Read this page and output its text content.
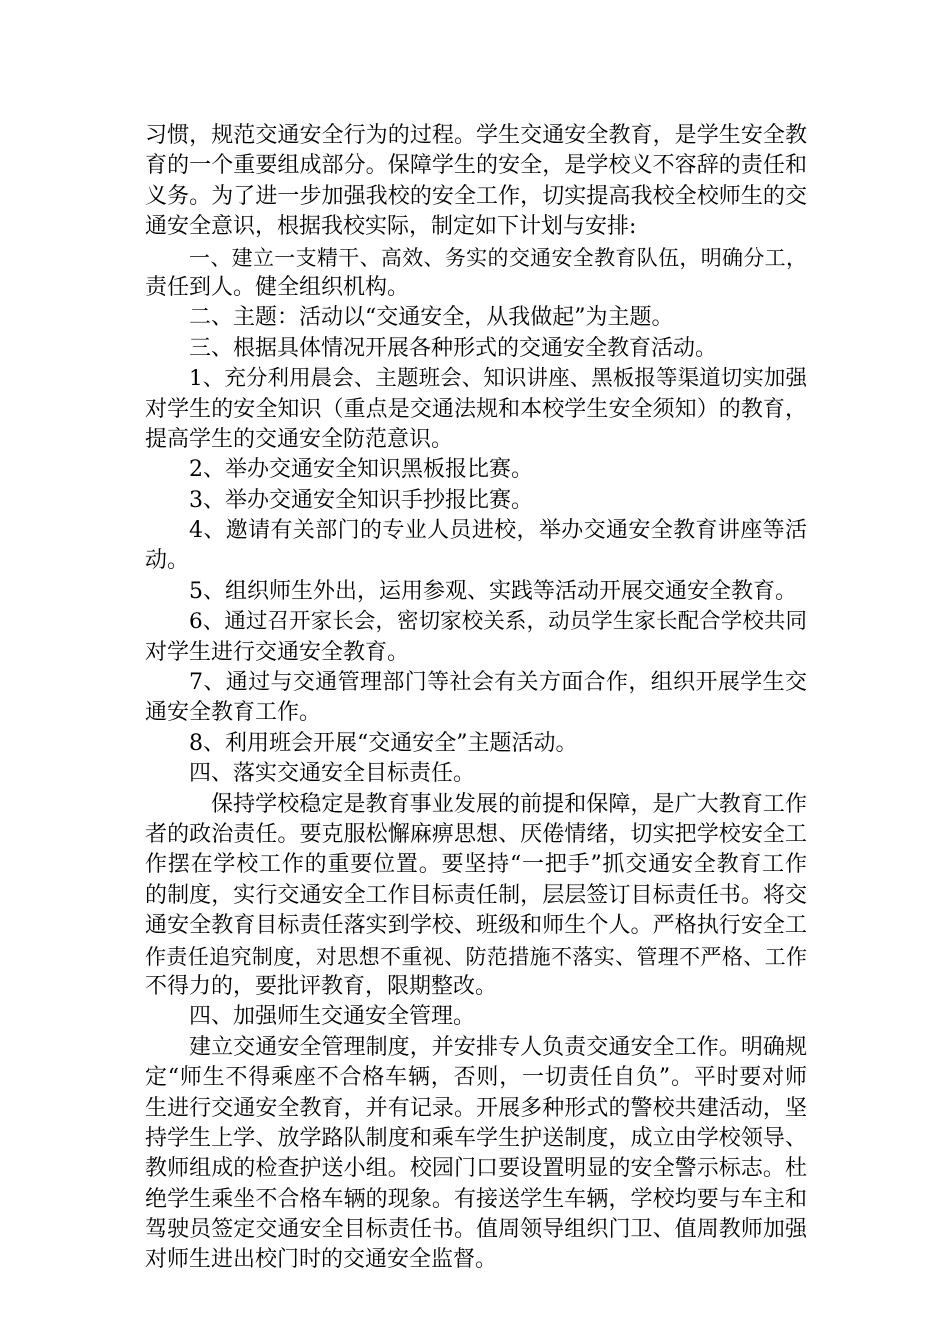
习惯，规范交通安全行为的过程。学生交通安全教育，是学生安全教
育的一个重要组成部分。保障学生的安全，是学校义不容辞的责任和
义务。为了进一步加强我校的安全工作，切实提高我校全校师生的交
通安全意识，根据我校实际，制定如下计划与安排:
一、建立一支精干、高效、务实的交通安全教育队伍，明确分工，
责任到人。健全组织机构。
二、主题：活动以“交通安全，从我做起”为主题。
三、根据具体情况开展各种形式的交通安全教育活动。
1、充分利用晨会、主题班会、知识讲座、黑板报等渠道切实加强
对学生的安全知识（重点是交通法规和本校学生安全须知）的教育，
提高学生的交通安全防范意识。
2、举办交通安全知识黑板报比赛。
3、举办交通安全知识手抄报比赛。
4、邀请有关部门的专业人员进校，举办交通安全教育讲座等活
动。
5、组织师生外出，运用参观、实践等活动开展交通安全教育。
6、通过召开家长会，密切家校关系，动员学生家长配合学校共同
对学生进行交通安全教育。
7、通过与交通管理部门等社会有关方面合作，组织开展学生交
通安全教育工作。
8、利用班会开展“交通安全”主题活动。
四、落实交通安全目标责任。
保持学校稳定是教育事业发展的前提和保障，是广大教育工作
者的政治责任。要克服松懈麻痹思想、厌倦情绪，切实把学校安全工
作摆在学校工作的重要位置。要坚持“一把手”抓交通安全教育工作
的制度，实行交通安全工作目标责任制，层层签订目标责任书。将交
通安全教育目标责任落实到学校、班级和师生个人。严格执行安全工
作责任追究制度，对思想不重视、防范措施不落实、管理不严格、工作
不得力的，要批评教育，限期整改。
四、加强师生交通安全管理。
建立交通安全管理制度，并安排专人负责交通安全工作。明确规
定“师生不得乘座不合格车辆，否则，一切责任自负”。平时要对师
生进行交通安全教育，并有记录。开展多种形式的警校共建活动，坚
持学生上学、放学路队制度和乘车学生护送制度，成立由学校领导、
教师组成的检查护送小组。校园门口要设置明显的安全警示标志。杜
绝学生乘坐不合格车辆的现象。有接送学生车辆，学校均要与车主和
驾驶员签定交通安全目标责任书。值周领导组织门卫、值周教师加强
对师生进出校门时的交通安全监督。
